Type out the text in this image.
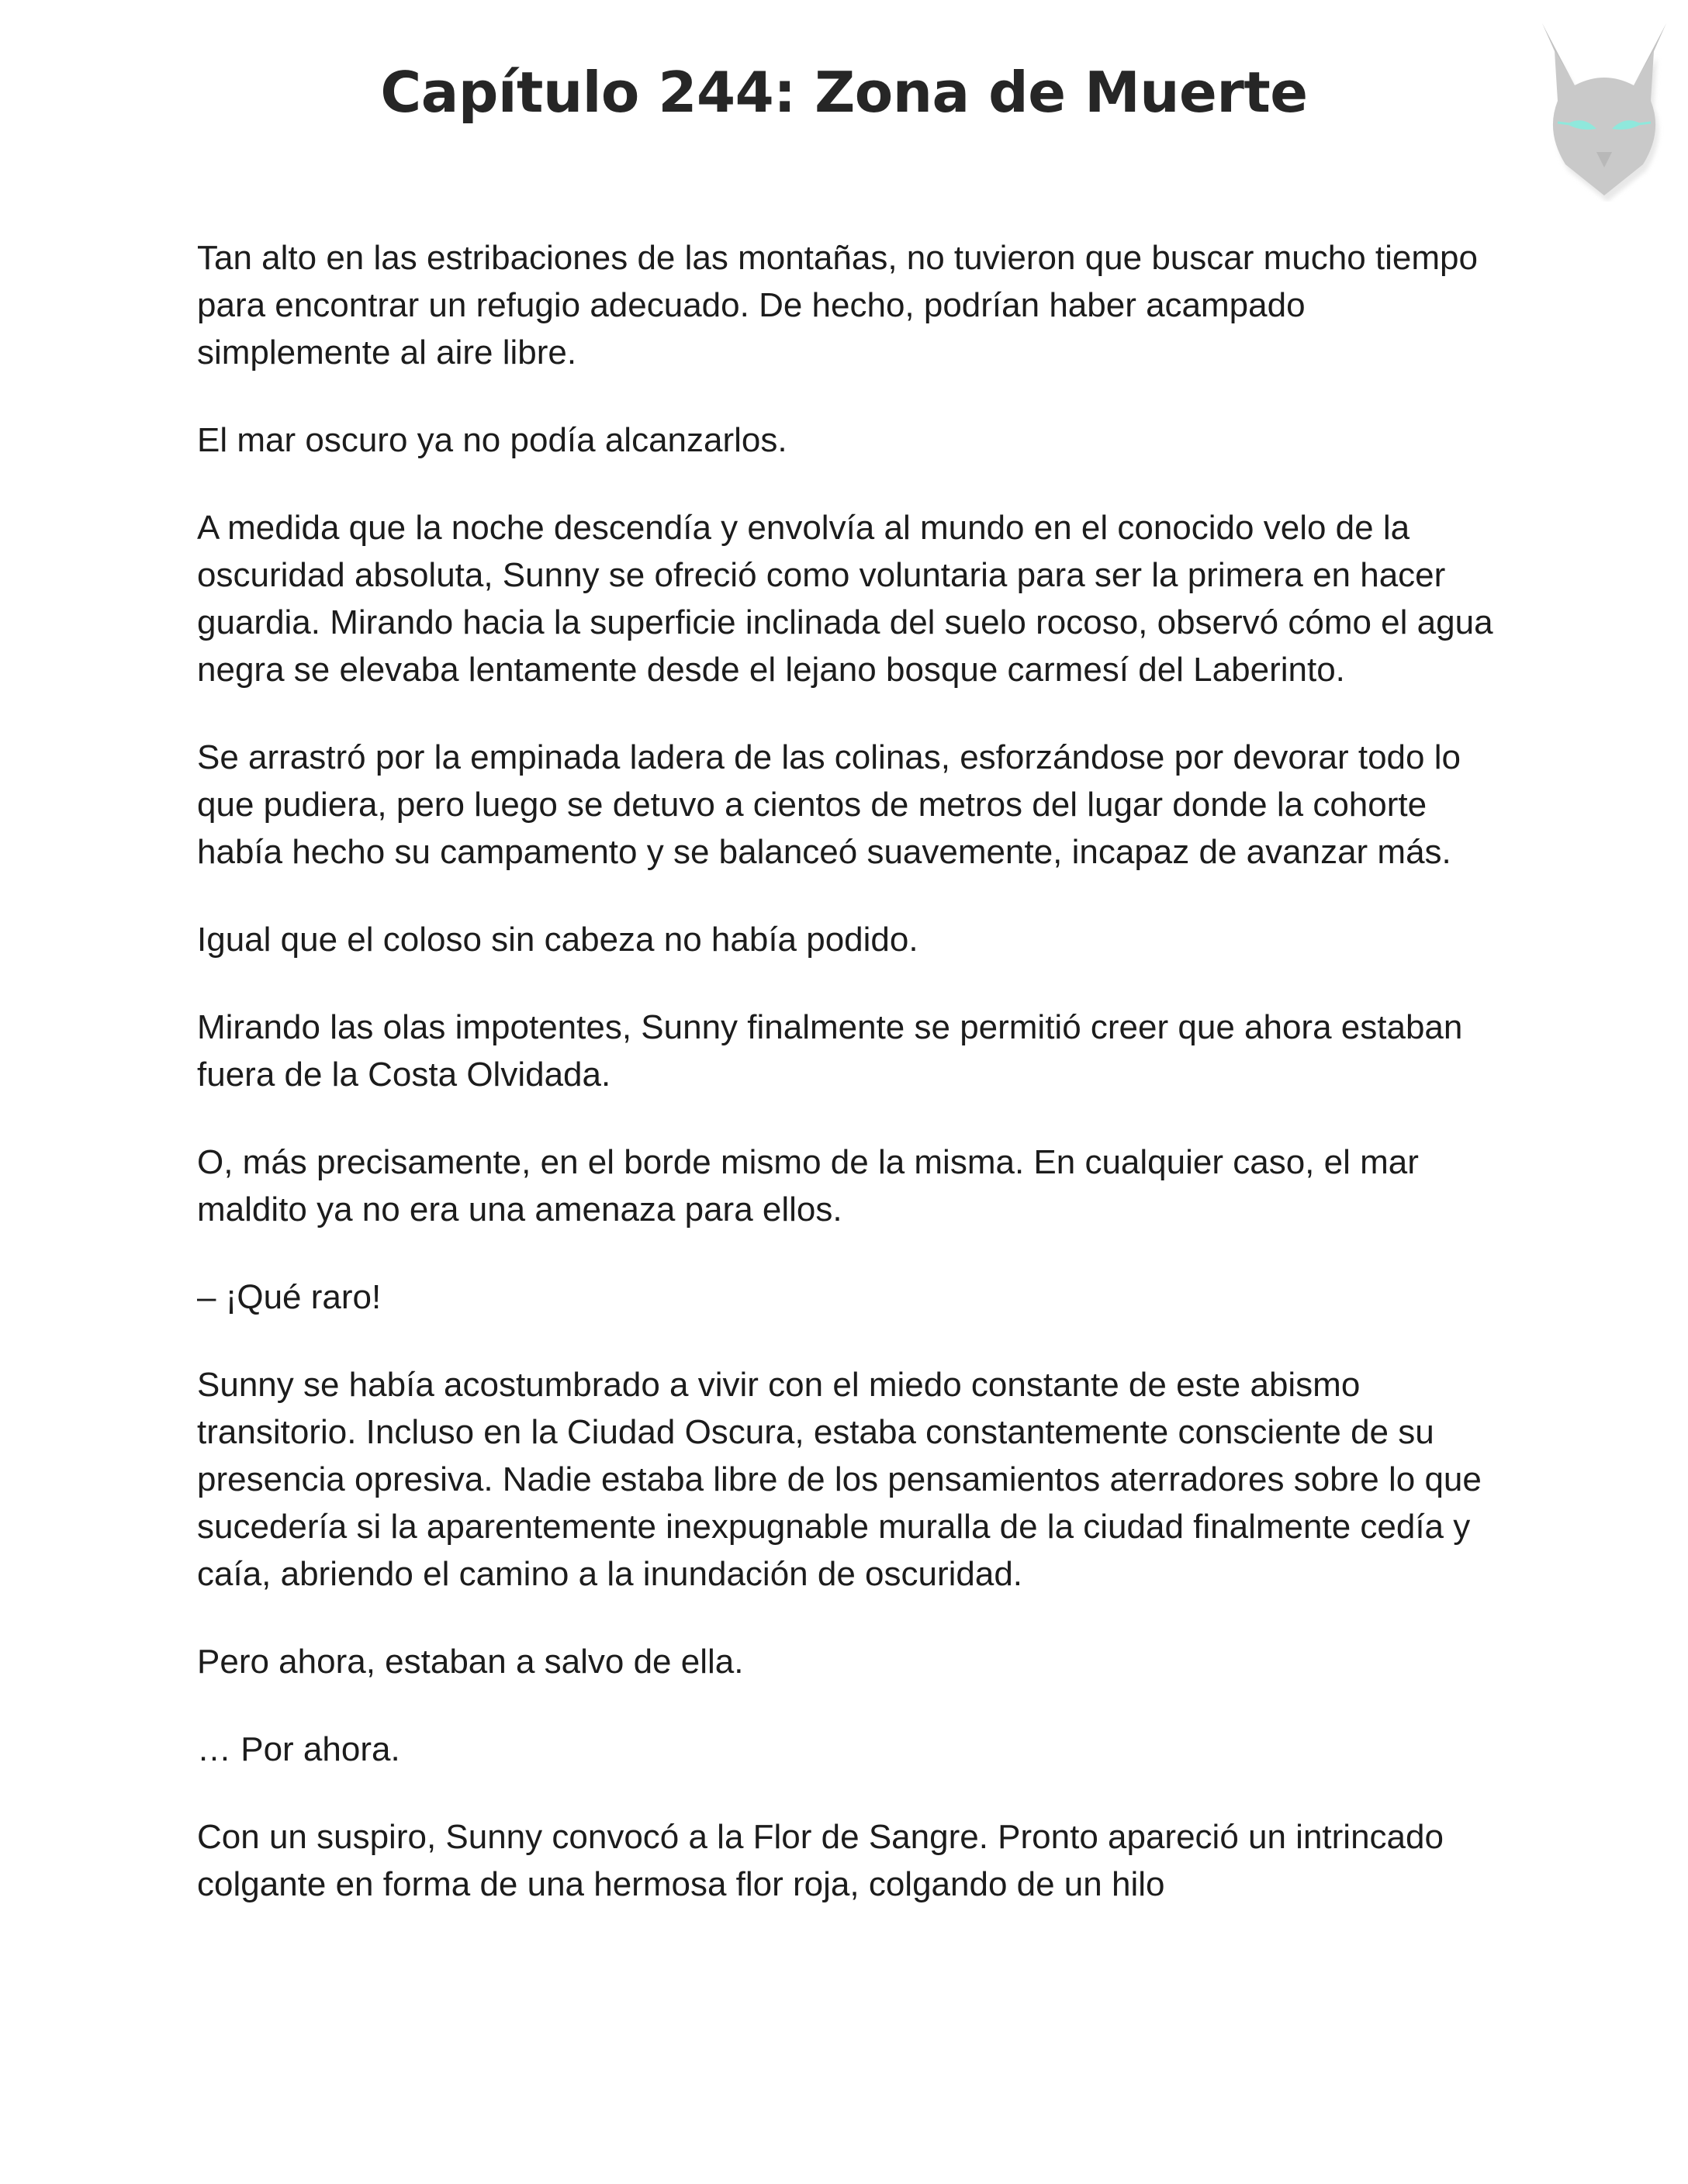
Capítulo 244: Zona de Muerte

Tan alto en las estribaciones de las montañas, no tuvieron que buscar mucho tiempo para encontrar un refugio adecuado. De hecho, podrían haber acampado simplemente al aire libre.

El mar oscuro ya no podía alcanzarlos.

A medida que la noche descendía y envolvía al mundo en el conocido velo de la oscuridad absoluta, Sunny se ofreció como voluntaria para ser la primera en hacer guardia. Mirando hacia la superficie inclinada del suelo rocoso, observó cómo el agua negra se elevaba lentamente desde el lejano bosque carmesí del Laberinto.

Se arrastró por la empinada ladera de las colinas, esforzándose por devorar todo lo que pudiera, pero luego se detuvo a cientos de metros del lugar donde la cohorte había hecho su campamento y se balanceó suavemente, incapaz de avanzar más.

Igual que el coloso sin cabeza no había podido.

Mirando las olas impotentes, Sunny finalmente se permitió creer que ahora estaban fuera de la Costa Olvidada.

O, más precisamente, en el borde mismo de la misma. En cualquier caso, el mar maldito ya no era una amenaza para ellos.

– ¡Qué raro!

Sunny se había acostumbrado a vivir con el miedo constante de este abismo transitorio. Incluso en la Ciudad Oscura, estaba constantemente consciente de su presencia opresiva. Nadie estaba libre de los pensamientos aterradores sobre lo que sucedería si la aparentemente inexpugnable muralla de la ciudad finalmente cedía y caía, abriendo el camino a la inundación de oscuridad.

Pero ahora, estaban a salvo de ella.

… Por ahora.

Con un suspiro, Sunny convocó a la Flor de Sangre. Pronto apareció un intrincado colgante en forma de una hermosa flor roja, colgando de un hilo
